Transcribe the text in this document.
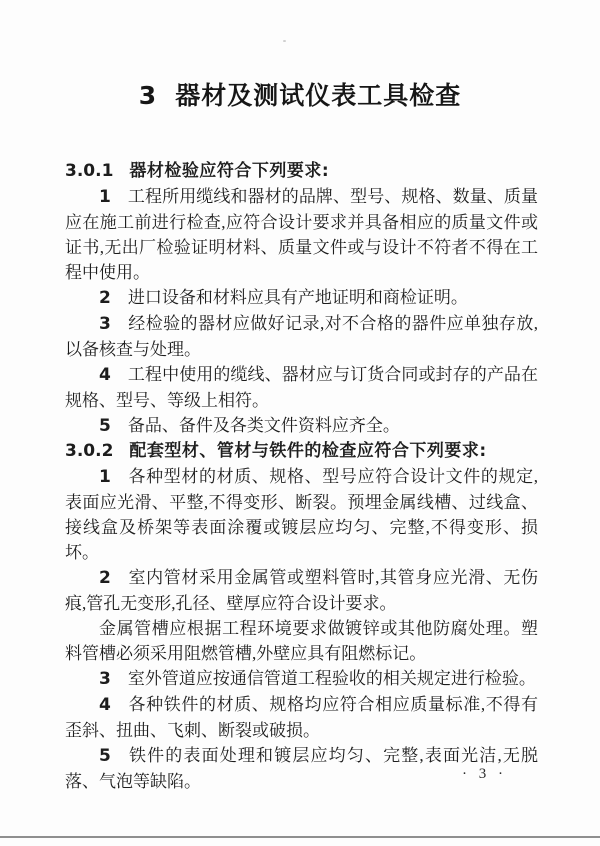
3 器材及测试仪表工具检查

3.0.1 器材检验应符合下列要求:

1 工程所用缆线和器材的品牌、型号、规格、数量、质量应在施工前进行检查,应符合设计要求并具备相应的质量文件或证书,无出厂检验证明材料、质量文件或与设计不符者不得在工程中使用。

2 进口设备和材料应具有产地证明和商检证明。

3 经检验的器材应做好记录,对不合格的器件应单独存放,以备核查与处理。

4 工程中使用的缆线、器材应与订货合同或封存的产品在规格、型号、等级上相符。

5 备品、备件及各类文件资料应齐全。

3.0.2 配套型材、管材与铁件的检查应符合下列要求:

1 各种型材的材质、规格、型号应符合设计文件的规定,表面应光滑、平整,不得变形、断裂。预埋金属线槽、过线盒、接线盒及桥架等表面涂覆或镀层应均匀、完整,不得变形、损坏。

2 室内管材采用金属管或塑料管时,其管身应光滑、无伤痕,管孔无变形,孔径、壁厚应符合设计要求。

金属管槽应根据工程环境要求做镀锌或其他防腐处理。塑料管槽必须采用阻燃管槽,外壁应具有阻燃标记。

3 室外管道应按通信管道工程验收的相关规定进行检验。

4 各种铁件的材质、规格均应符合相应质量标准,不得有歪斜、扭曲、飞刺、断裂或破损。

5 铁件的表面处理和镀层应均匀、完整,表面光洁,无脱落、气泡等缺陷。	· 3 ·
